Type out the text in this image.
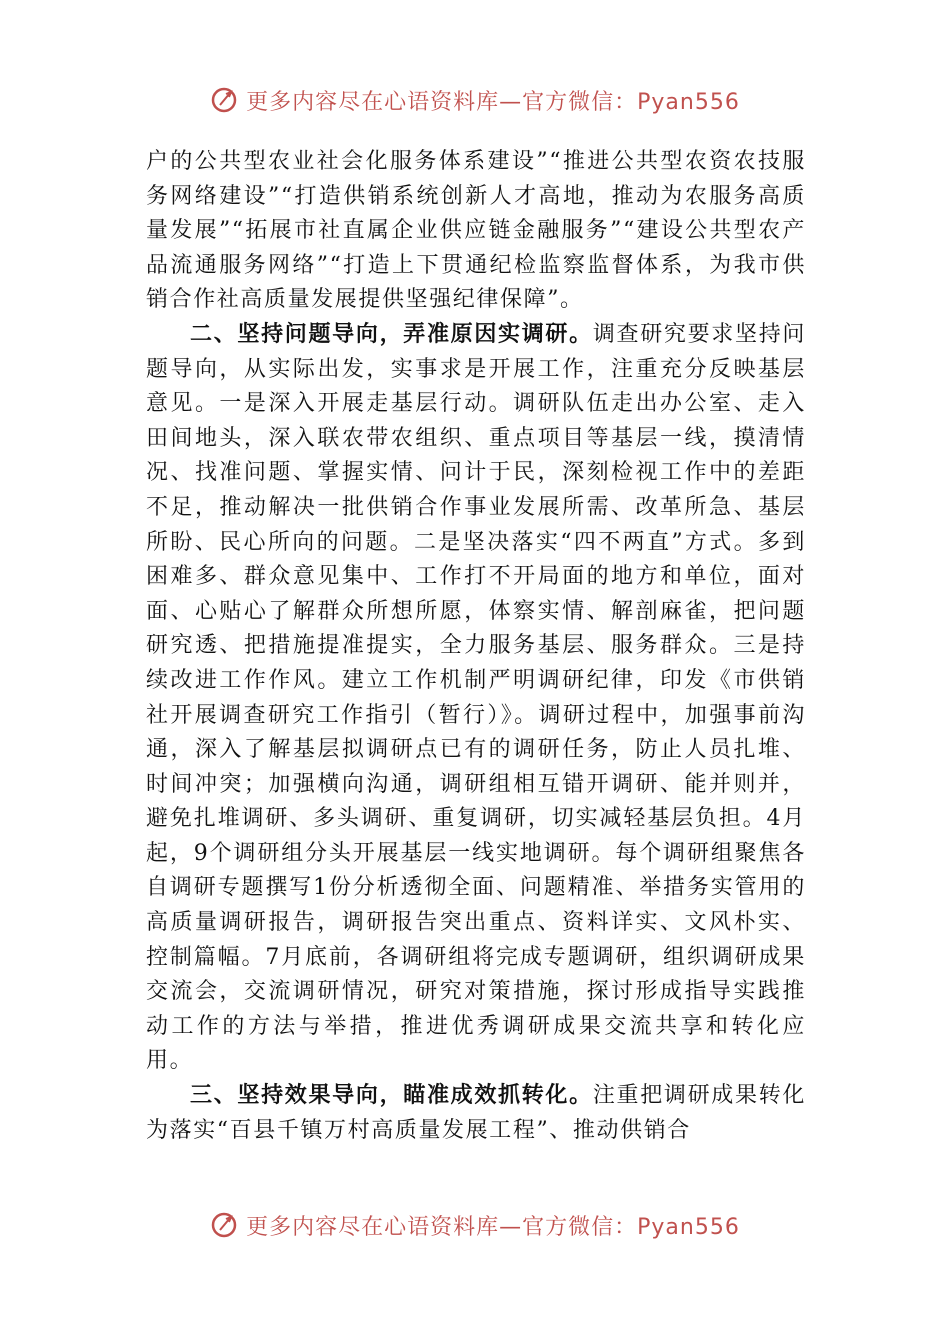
更多内容尽在心语资料库—官方微信：Pyan556

户的公共型农业社会化服务体系建设”“推进公共型农资农技服务网络建设”“打造供销系统创新人才高地，推动为农服务高质量发展”“拓展市社直属企业供应链金融服务”“建设公共型农产品流通服务网络”“打造上下贯通纪检监察监督体系，为我市供销合作社高质量发展提供坚强纪律保障”。

二、坚持问题导向，弄准原因实调研。调查研究要求坚持问题导向，从实际出发，实事求是开展工作，注重充分反映基层意见。一是深入开展走基层行动。调研队伍走出办公室、走入田间地头，深入联农带农组织、重点项目等基层一线，摸清情况、找准问题、掌握实情、问计于民，深刻检视工作中的差距不足，推动解决一批供销合作事业发展所需、改革所急、基层所盼、民心所向的问题。二是坚决落实“四不两直”方式。多到困难多、群众意见集中、工作打不开局面的地方和单位，面对面、心贴心了解群众所想所愿，体察实情、解剖麻雀，把问题研究透、把措施提准提实，全力服务基层、服务群众。三是持续改进工作作风。建立工作机制严明调研纪律，印发《市供销社开展调查研究工作指引（暂行）》。调研过程中，加强事前沟通，深入了解基层拟调研点已有的调研任务，防止人员扎堆、时间冲突；加强横向沟通，调研组相互错开调研、能并则并，避免扎堆调研、多头调研、重复调研，切实减轻基层负担。4月起，9个调研组分头开展基层一线实地调研。每个调研组聚焦各自调研专题撰写1份分析透彻全面、问题精准、举措务实管用的高质量调研报告，调研报告突出重点、资料详实、文风朴实、控制篇幅。7月底前，各调研组将完成专题调研，组织调研成果交流会，交流调研情况，研究对策措施，探讨形成指导实践推动工作的方法与举措，推进优秀调研成果交流共享和转化应用。

三、坚持效果导向，瞄准成效抓转化。注重把调研成果转化为落实“百县千镇万村高质量发展工程”、推动供销合

更多内容尽在心语资料库—官方微信：Pyan556
